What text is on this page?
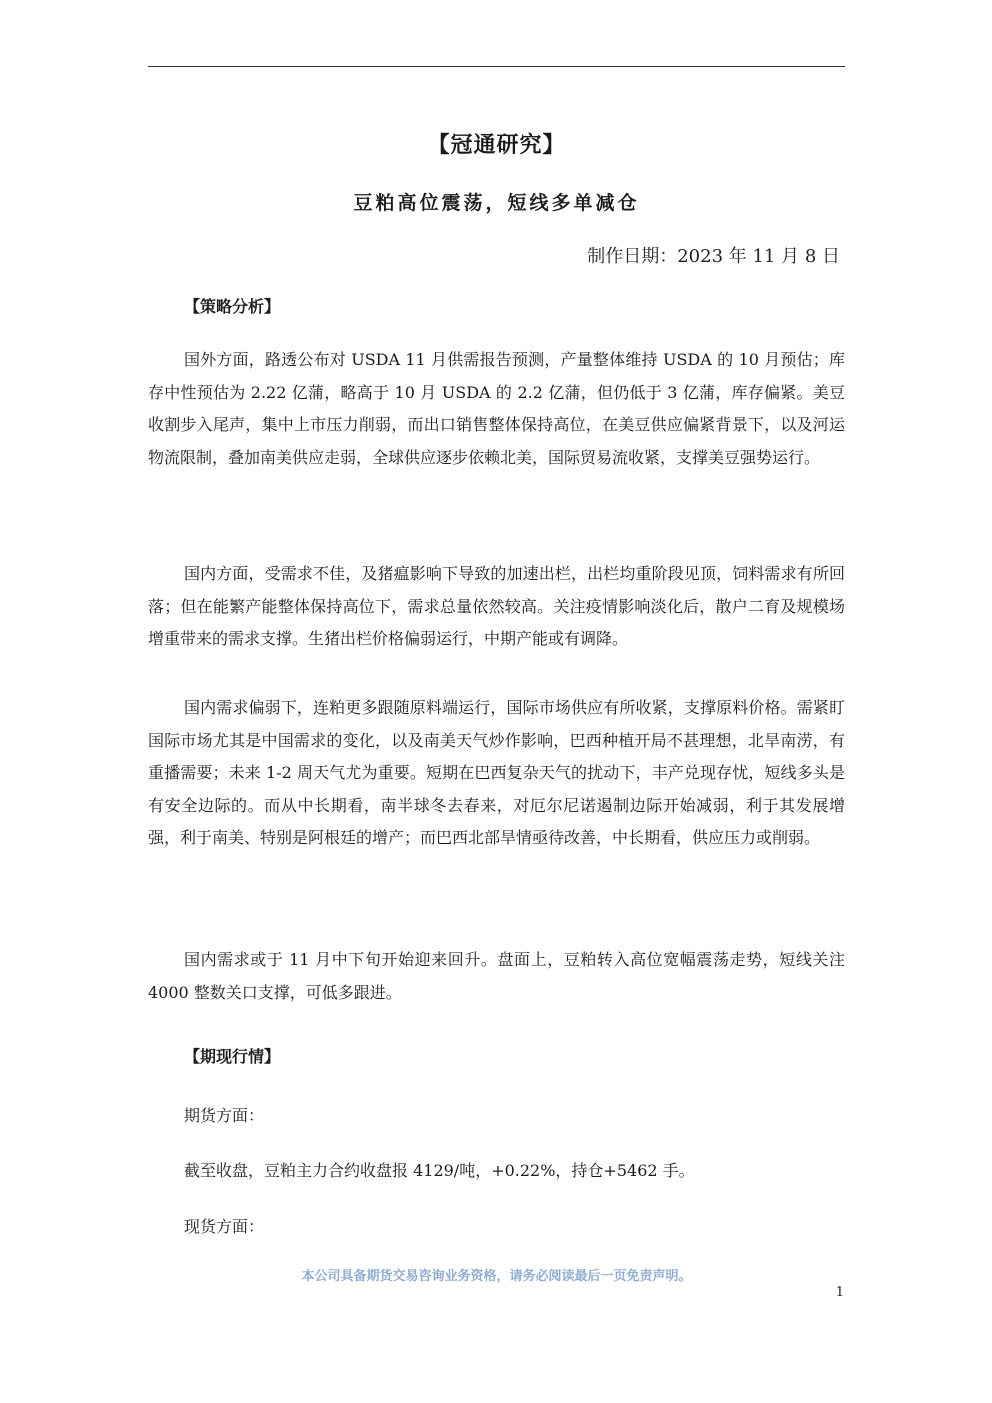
【冠通研究】
豆粕高位震荡，短线多单减仓
制作日期：2023 年 11 月 8 日
【策略分析】
国外方面，路透公布对 USDA 11 月供需报告预测，产量整体维持 USDA 的 10 月预估；库存中性预估为 2.22 亿蒲，略高于 10 月 USDA 的 2.2 亿蒲，但仍低于 3 亿蒲，库存偏紧。美豆收割步入尾声，集中上市压力削弱，而出口销售整体保持高位，在美豆供应偏紧背景下，以及河运物流限制，叠加南美供应走弱，全球供应逐步依赖北美，国际贸易流收紧，支撑美豆强势运行。
国内方面，受需求不佳，及猪瘟影响下导致的加速出栏，出栏均重阶段见顶，饲料需求有所回落；但在能繁产能整体保持高位下，需求总量依然较高。关注疫情影响淡化后，散户二育及规模场增重带来的需求支撑。生猪出栏价格偏弱运行，中期产能或有调降。
国内需求偏弱下，连粕更多跟随原料端运行，国际市场供应有所收紧，支撑原料价格。需紧盯国际市场尤其是中国需求的变化，以及南美天气炒作影响，巴西种植开局不甚理想，北旱南涝，有重播需要；未来 1-2 周天气尤为重要。短期在巴西复杂天气的扰动下，丰产兑现存忧，短线多头是有安全边际的。而从中长期看，南半球冬去春来，对厄尔尼诺遏制边际开始减弱，利于其发展增强，利于南美、特别是阿根廷的增产；而巴西北部旱情亟待改善，中长期看，供应压力或削弱。
国内需求或于 11 月中下旬开始迎来回升。盘面上，豆粕转入高位宽幅震荡走势，短线关注 4000 整数关口支撑，可低多跟进。
【期现行情】
期货方面：
截至收盘，豆粕主力合约收盘报 4129/吨，+0.22%，持仓+5462 手。
现货方面：
本公司具备期货交易咨询业务资格，请务必阅读最后一页免责声明。
1
